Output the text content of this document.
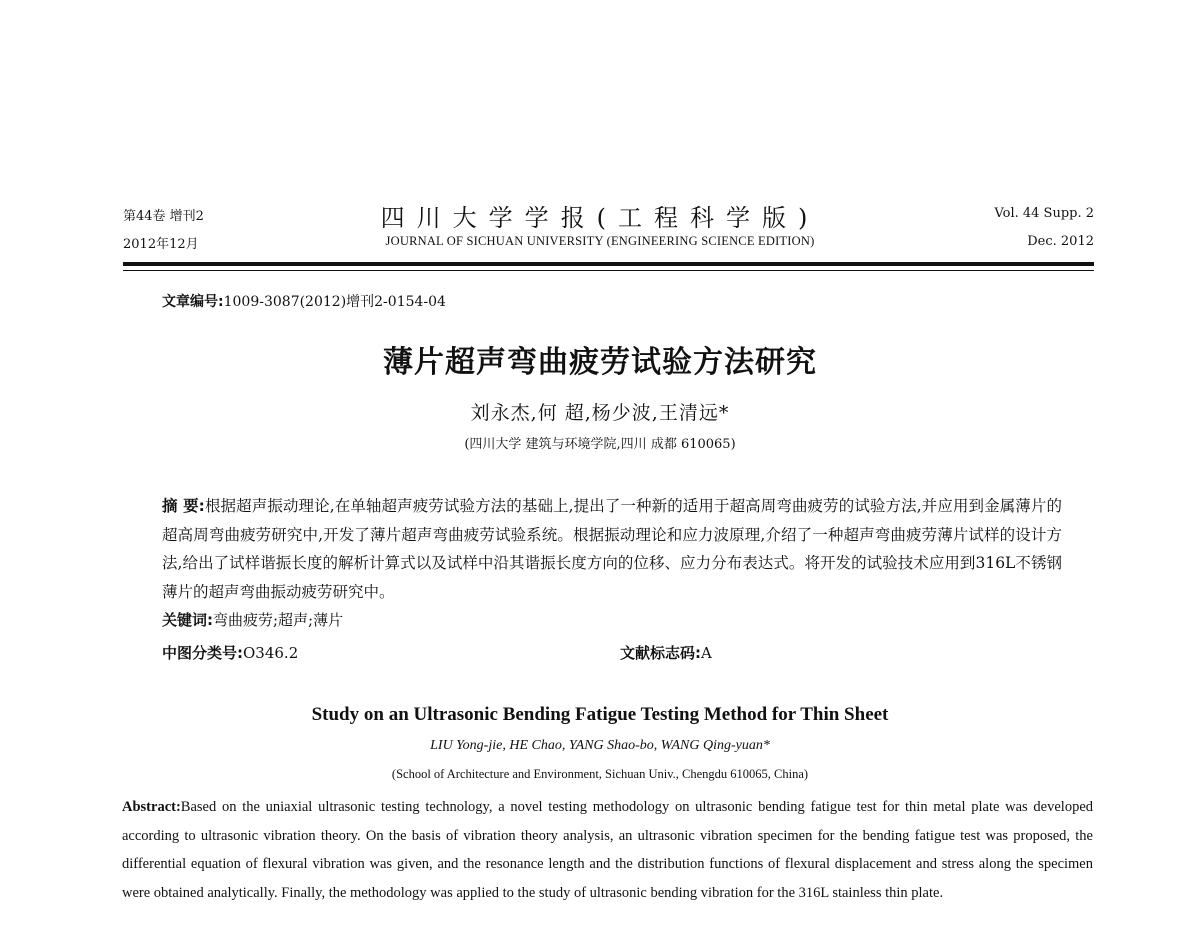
第44卷 增刊2
2012年12月
四川大学学报(工程科学版)
JOURNAL OF SICHUAN UNIVERSITY (ENGINEERING SCIENCE EDITION)
Vol. 44 Supp. 2
Dec. 2012
文章编号:1009-3087(2012)增刊2-0154-04
薄片超声弯曲疲劳试验方法研究
刘永杰,何 超,杨少波,王清远*
(四川大学 建筑与环境学院,四川 成都 610065)
摘 要:根据超声振动理论,在单轴超声疲劳试验方法的基础上,提出了一种新的适用于超高周弯曲疲劳的试验方法,并应用到金属薄片的超高周弯曲疲劳研究中,开发了薄片超声弯曲疲劳试验系统。根据振动理论和应力波原理,介绍了一种超声弯曲疲劳薄片试样的设计方法,给出了试样谐振长度的解析计算式以及试样中沿其谐振长度方向的位移、应力分布表达式。将开发的试验技术应用到316L不锈钢薄片的超声弯曲振动疲劳研究中。
关键词:弯曲疲劳;超声;薄片
中图分类号:O346.2	文献标志码:A
Study on an Ultrasonic Bending Fatigue Testing Method for Thin Sheet
LIU Yong-jie, HE Chao, YANG Shao-bo, WANG Qing-yuan*
(School of Architecture and Environment, Sichuan Univ., Chengdu 610065, China)
Abstract:Based on the uniaxial ultrasonic testing technology, a novel testing methodology on ultrasonic bending fatigue test for thin metal plate was developed according to ultrasonic vibration theory. On the basis of vibration theory analysis, an ultrasonic vibration specimen for the bending fatigue test was proposed, the differential equation of flexural vibration was given, and the resonance length and the distribution functions of flexural displacement and stress along the specimen were obtained analytically. Finally, the methodology was applied to the study of ultrasonic bending vibration for the 316L stainless thin plate.
